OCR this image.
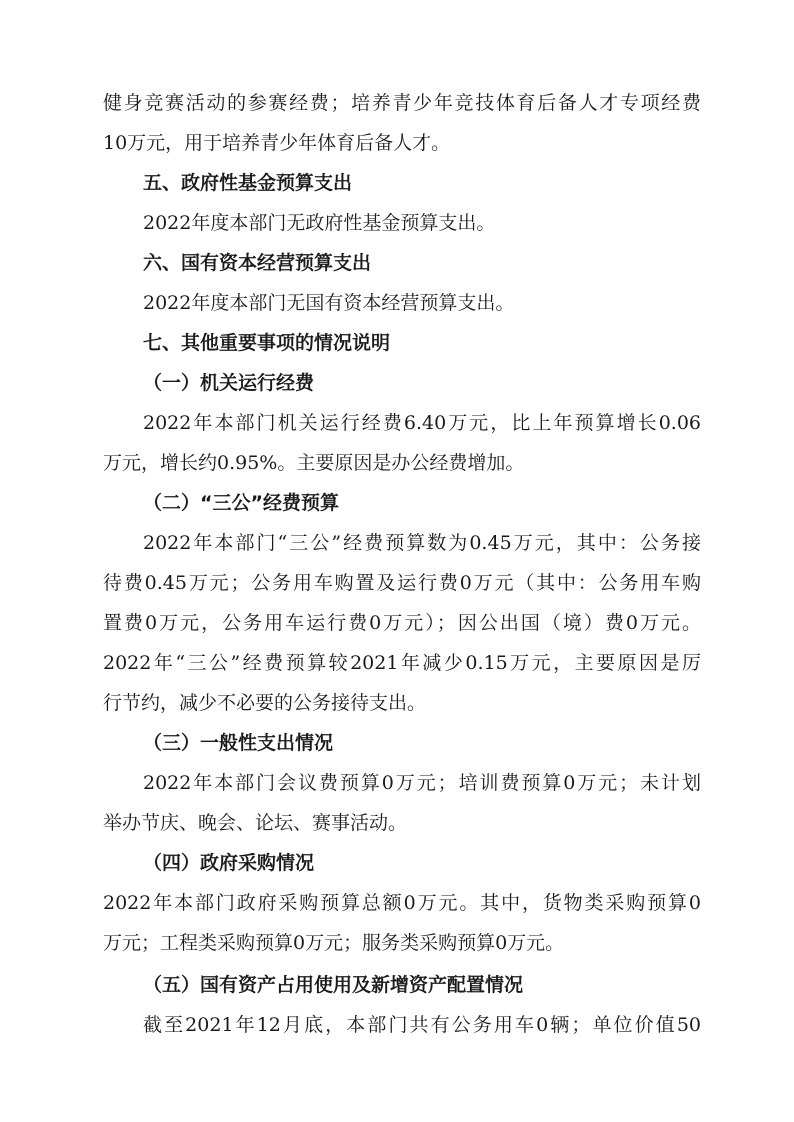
健身竞赛活动的参赛经费；培养青少年竞技体育后备人才专项经费
10万元，用于培养青少年体育后备人才。
五、政府性基金预算支出
2022年度本部门无政府性基金预算支出。
六、国有资本经营预算支出
2022年度本部门无国有资本经营预算支出。
七、其他重要事项的情况说明
（一）机关运行经费
2022年本部门机关运行经费6.40万元，比上年预算增长0.06
万元，增长约0.95%。主要原因是办公经费增加。
（二）“三公”经费预算
2022年本部门“三公”经费预算数为0.45万元，其中：公务接
待费0.45万元；公务用车购置及运行费0万元（其中：公务用车购
置费0万元，公务用车运行费0万元）；因公出国（境）费0万元。
2022年“三公”经费预算较2021年减少0.15万元，主要原因是厉
行节约，减少不必要的公务接待支出。
（三）一般性支出情况
2022年本部门会议费预算0万元；培训费预算0万元；未计划
举办节庆、晚会、论坛、赛事活动。
（四）政府采购情况
2022年本部门政府采购预算总额0万元。其中，货物类采购预算0
万元；工程类采购预算0万元；服务类采购预算0万元。
（五）国有资产占用使用及新增资产配置情况
截至2021年12月底，本部门共有公务用车0辆；单位价值50
